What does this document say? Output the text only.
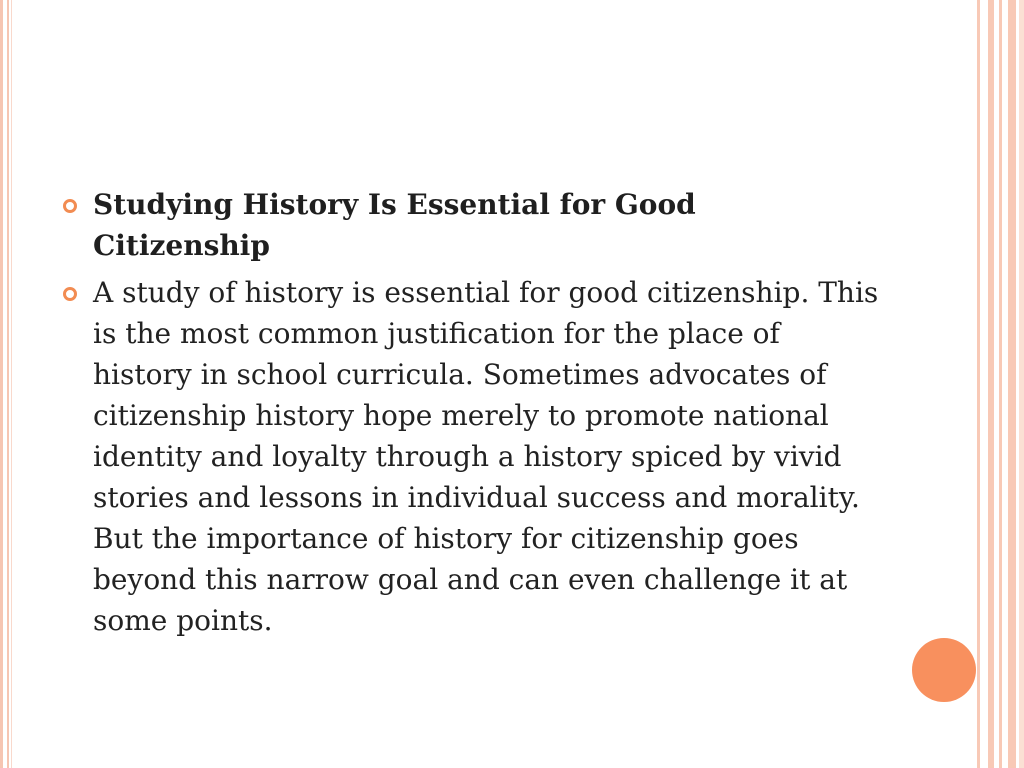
Studying History Is Essential for Good Citizenship
A study of history is essential for good citizenship. This is the most common justification for the place of history in school curricula. Sometimes advocates of citizenship history hope merely to promote national identity and loyalty through a history spiced by vivid stories and lessons in individual success and morality. But the importance of history for citizenship goes beyond this narrow goal and can even challenge it at some points.
